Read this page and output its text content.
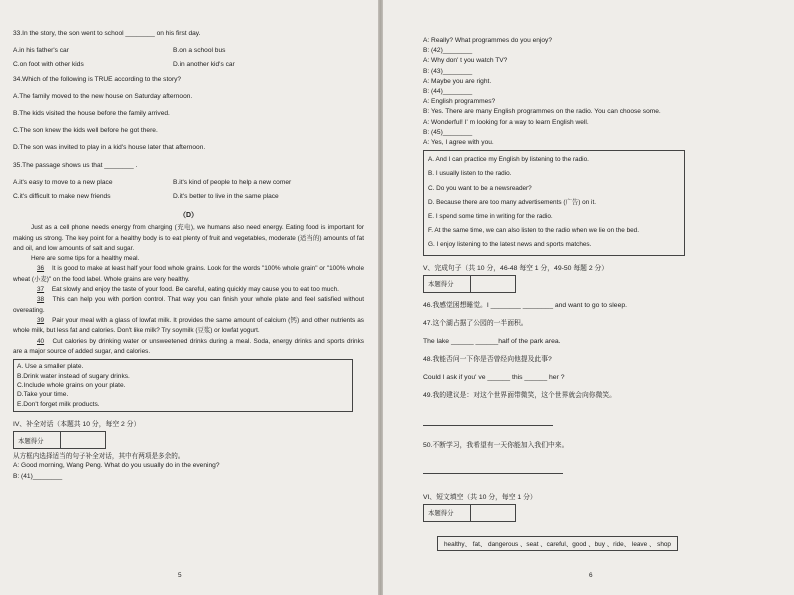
33.In the story, the son went to school ________ on his first day.

A.in his father's car	B.on a school bus
C.on foot with other kids	D.in another kid's car

34.Which of the following is TRUE according to the story?

A.The family moved to the new house on Saturday afternoon.

B.The kids visited the house before the family arrived.

C.The son knew the kids well before he got there.

D.The son was invited to play in a kid's house later that afternoon.

35.The passage shows us that ________ .

A.it's easy to move to a new place	B.it's kind of people to help a new comer
C.it's difficult to make new friends	D.it's better to live in the same place
（D）

Just as a cell phone needs energy from charging (充电), we humans also need energy. Eating food is important for making us strong. The key point for a healthy body is to eat plenty of fruit and vegetables, moderate (适当的) amounts of fat and oil, and low amounts of salt and sugar.

Here are some tips for a healthy meal.

36 It is good to make at least half your food whole grains. Look for the words "100% whole grain" or "100% whole wheat (小麦)" on the food label. Whole grains are very healthy.

37 Eat slowly and enjoy the taste of your food. Be careful, eating quickly may cause you to eat too much.

38 This can help you with portion control. That way you can finish your whole plate and feel satisfied without overeating.

39 Pair your meal with a glass of lowfat milk. It provides the same amount of calcium (钙) and other nutrients as whole milk, but less fat and calories. Don't like milk? Try soymilk (豆浆) or lowfat yogurt.

40 Cut calories by drinking water or unsweetened drinks during a meal. Soda, energy drinks and sports drinks are a major source of added sugar, and calories.

A. Use a smaller plate.
B.Drink water instead of sugary drinks.
C.Include whole grains on your plate.
D.Take your time.
E.Don't forget milk products.
IV、补全对话（本题共 10 分，每空 2 分）
本题得分	

从方框内选择适当的句子补全对话，其中有两项是多余的。

A: Good morning, Wang Peng. What do you usually do in the evening?

B: (41)________

5

A: Really? What programmes do you enjoy?

B: (42)________

A: Why don' t you watch TV?

B: (43)________

A: Maybe you are right.

B: (44)________

A: English programmes?

B: Yes. There are many English programmes on the radio. You can choose some.

A: Wonderful! I' m looking for a way to learn English well.

B: (45)________

A: Yes, I agree with you.

A. And I can practice my English by listening to the radio.
B. I usually listen to the radio.
C. Do you want to be a newsreader?
D. Because there are too many advertisements (广告) on it.
E. I spend some time in writing for the radio.
F. At the same time, we can also listen to the radio when we lie on the bed.
G. I enjoy listening to the latest news and sports matches.
V、完成句子（共 10 分，46-48 每空 1 分，49-50 每题 2 分）
本题得分	

46.我感觉困想睡觉。I ________ ________ and want to go to sleep.

47.这个湖占据了公园的一半面积。

The lake ______ ______half of the park area.

48.我能否问一下你是否曾经向他提及此事?

Could I ask if you' ve ______ this ______ her ?

49.我的建议是：对这个世界面带微笑，这个世界就会向你微笑。

50.不断学习，我希望有一天你能加入我们中来。

VI、短文填空（共 10 分，每空 1 分）
本题得分	
healthy、 fat、 dangerous 、seat 、careful、good 、buy 、ride、 leave 、 shop
6
